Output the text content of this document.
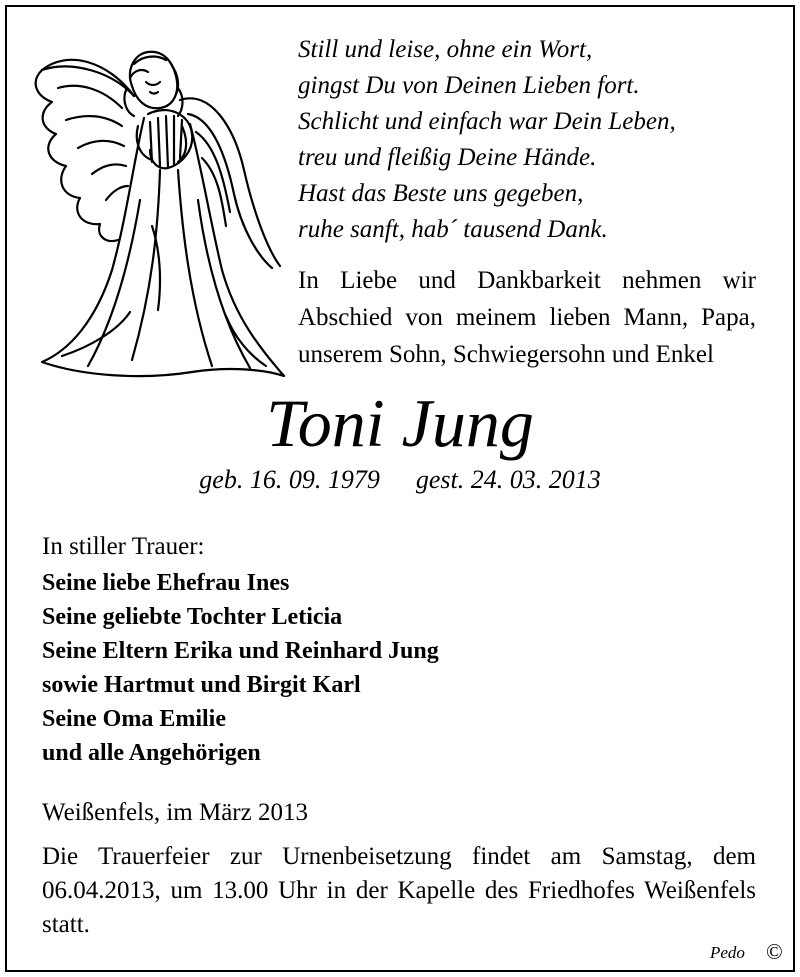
Still und leise, ohne ein Wort,
gingst Du von Deinen Lieben fort.
Schlicht und einfach war Dein Leben,
treu und fleißig Deine Hände.
Hast das Beste uns gegeben,
ruhe sanft, hab´ tausend Dank.
In Liebe und Dankbarkeit nehmen wir
Abschied von meinem lieben Mann, Papa,
unserem Sohn, Schwiegersohn und Enkel
Toni Jung
geb. 16. 09. 1979 gest. 24. 03. 2013
In stiller Trauer:
Seine liebe Ehefrau Ines
Seine geliebte Tochter Leticia
Seine Eltern Erika und Reinhard Jung
sowie Hartmut und Birgit Karl
Seine Oma Emilie
und alle Angehörigen
Weißenfels, im März 2013
Die Trauerfeier zur Urnenbeisetzung findet am Samstag, dem
06.04.2013, um 13.00 Uhr in der Kapelle des Friedhofes Weißenfels
statt.
Pedo ©
